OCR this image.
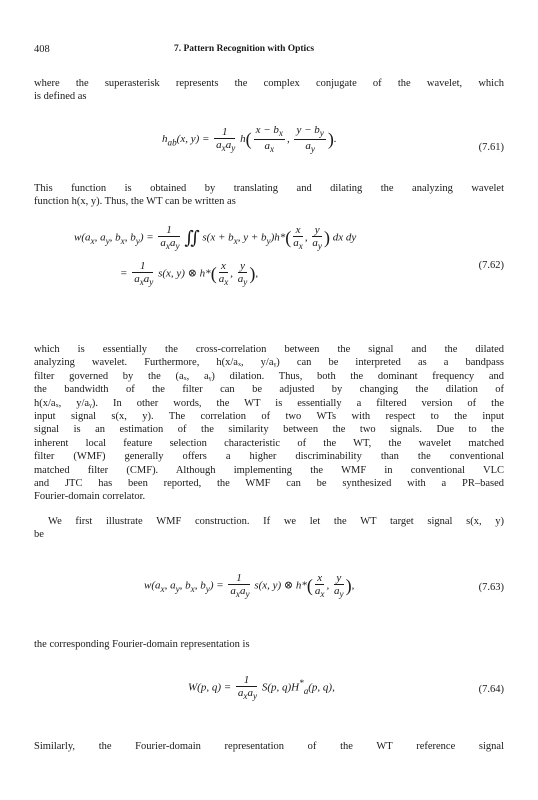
408	7. Pattern Recognition with Optics

where the superasterisk represents the complex conjugate of the wavelet, which
is defined as

$h_{ab}(x$, $y) = \frac{1}{a_xa_y} h( \frac{x - b_x}{a_x}$ , $\frac{y - b_y}{a_y}$ ).
(7.61)

This function is obtained by translating and dilating the analyzing wavelet
function h(x, y). Thus, the WT can be written as

$w(a_x$, $a_y$, $b_x$, $b_y) = \frac{1}{a_xa_y}$ ∬ $s(x + b_x$, $y + b_y)h*( \frac{x}{a_x}$ , $\frac{y}{a_y}$ ) dx dy
= $\frac{1}{a_xa_y} s(x$, y) ⊗ $h*( \frac{x}{a_x}$ , $\frac{y}{a_y}$ ),
(7.62)

which is essentially the cross-correlation between the signal and the dilated
analyzing wavelet. Furthermore, h(x/aₓ, y/aᵧ) can be interpreted as a bandpass
filter governed by the (aₓ, aᵧ) dilation. Thus, both the dominant frequency and
the bandwidth of the filter can be adjusted by changing the dilation of
h(x/aₓ, y/aᵧ). In other words, the WT is essentially a filtered version of the
input signal s(x, y). The correlation of two WTs with respect to the input
signal is an estimation of the similarity between the two signals. Due to the
inherent local feature selection characteristic of the WT, the wavelet matched
filter (WMF) generally offers a higher discriminability than the conventional
matched filter (CMF). Although implementing the WMF in conventional VLC
and JTC has been reported, the WMF can be synthesized with a PR–based
Fourier-domain correlator.

We first illustrate WMF construction. If we let the WT target signal s(x, y)
be

$w(a_x$, $a_y$, $b_x$, $b_y) = \frac{1}{a_xa_y} s(x$, y) ⊗ $h*( \frac{x}{a_x}$ , $\frac{y}{a_y}$ ),	(7.63)

the corresponding Fourier-domain representation is

W(p, $q) = \frac{1}{a_xa_y} S(p$, $q)H^*_a(p$, q),	(7.64)

Similarly, the Fourier-domain representation of the WT reference signal
